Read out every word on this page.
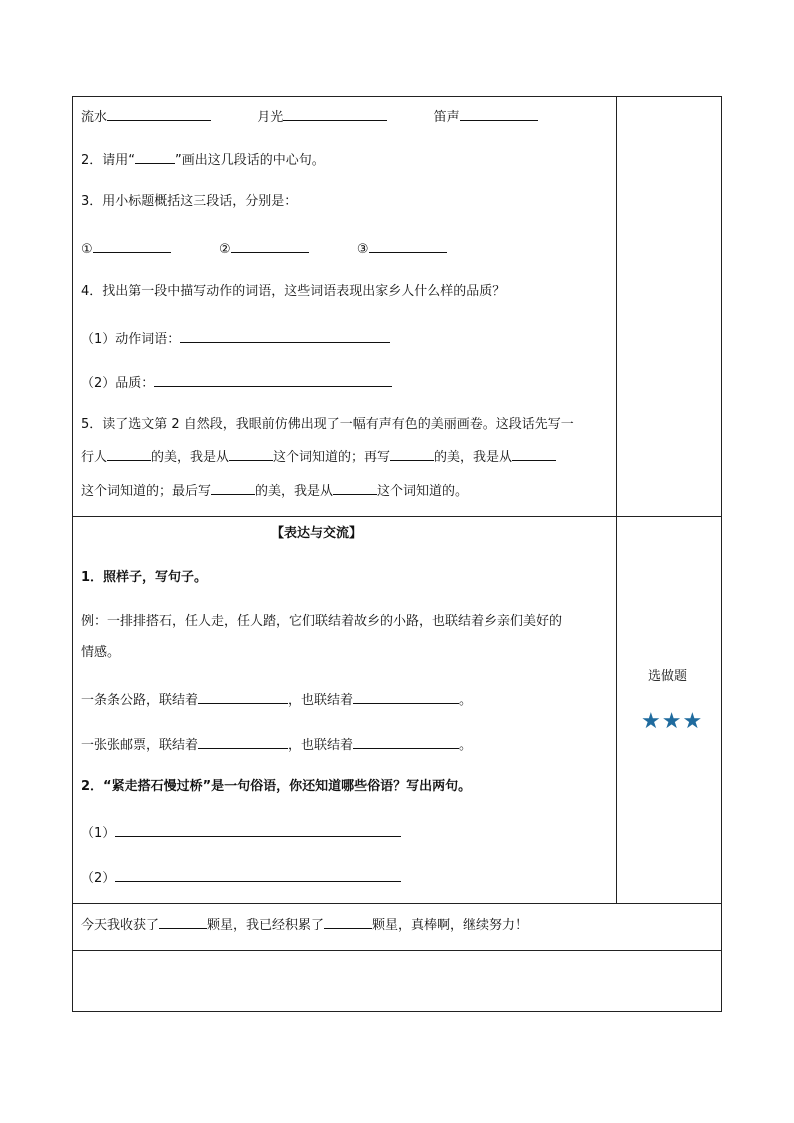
流水	月光	笛声
2．请用“	”画出这几段话的中心句。
3．用小标题概括这三段话，分别是：
①	②	③
4．找出第一段中描写动作的词语，这些词语表现出家乡人什么样的品质？
（1）动作词语：
（2）品质：
5．读了选文第 2 自然段，我眼前仿佛出现了一幅有声有色的美丽画卷。这段话先写一
行人	的美，我是从	这个词知道的；再写	的美，我是从
这个词知道的；最后写	的美，我是从	这个词知道的。
【表达与交流】
1．照样子，写句子。
例：一排排搭石，任人走，任人踏，它们联结着故乡的小路，也联结着乡亲们美好的
情感。
一条条公路，联结着	，也联结着	。
一张张邮票，联结着	，也联结着	。
2．“紧走搭石慢过桥”是一句俗语，你还知道哪些俗语？写出两句。
（1）
（2）
选做题
★★★
今天我收获了	颗星，我已经积累了	颗星，真棒啊，继续努力！
